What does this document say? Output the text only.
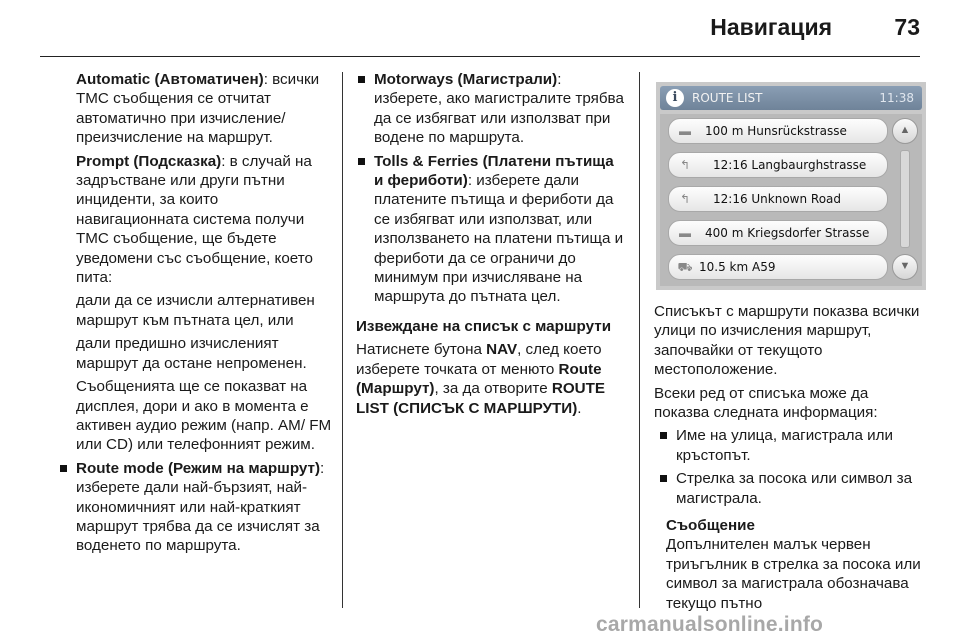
Навигация	73

Automatic (Автоматичен): всички ТМС съобщения се отчитат автоматично при изчисление/ преизчисление на маршрут.

Prompt (Подсказка): в случай на задръстване или други пътни инциденти, за които навигационната система получи ТМС съобщение, ще бъдете уведомени със съобщение, което пита:

дали да се изчисли алтернативен маршрут към пътната цел, или

дали предишно изчисленият маршрут да остане непроменен.

Съобщенията ще се показват на дисплея, дори и ако в момента е активен аудио режим (напр. AM/ FM или CD) или телефонният режим.

Route mode (Режим на маршрут): изберете дали най-бързият, най-икономичният или най-краткият маршрут трябва да се изчислят за воденето по маршрута.
Motorways (Магистрали): изберете, ако магистралите трябва да се избягват или използват при водене по маршрута.
Tolls & Ferries (Платени пътища и фериботи): изберете дали платените пътища и фериботи да се избягват или използват, или използването на платени пътища и фериботи да се ограничи до минимум при изчисляване на маршрута до пътната цел.

Извеждане на списък с маршрути

Натиснете бутона NAV, след което изберете точката от менюто Route (Маршрут), за да отворите ROUTE LIST (СПИСЪК С МАРШРУТИ).

i	ROUTE LIST	11:38
▬ 100 m Hunsrückstrasse
↰ 12:16 Langbaurghstrasse
↰ 12:16 Unknown Road
▬ 400 m Kriegsdorfer Strasse
⛟ 10.5 km A59
▲
▼

Списъкът с маршрути показва всички улици по изчисления маршрут, започвайки от текущото местоположение.

Всеки ред от списъка може да показва следната информация:

Име на улица, магистрала или кръстопът.
Стрелка за посока или символ за магистрала.

Съобщение

Допълнителен малък червен триъгълник в стрелка за посока или символ за магистрала обозначава текущо пътно

carmanualsonline.info
